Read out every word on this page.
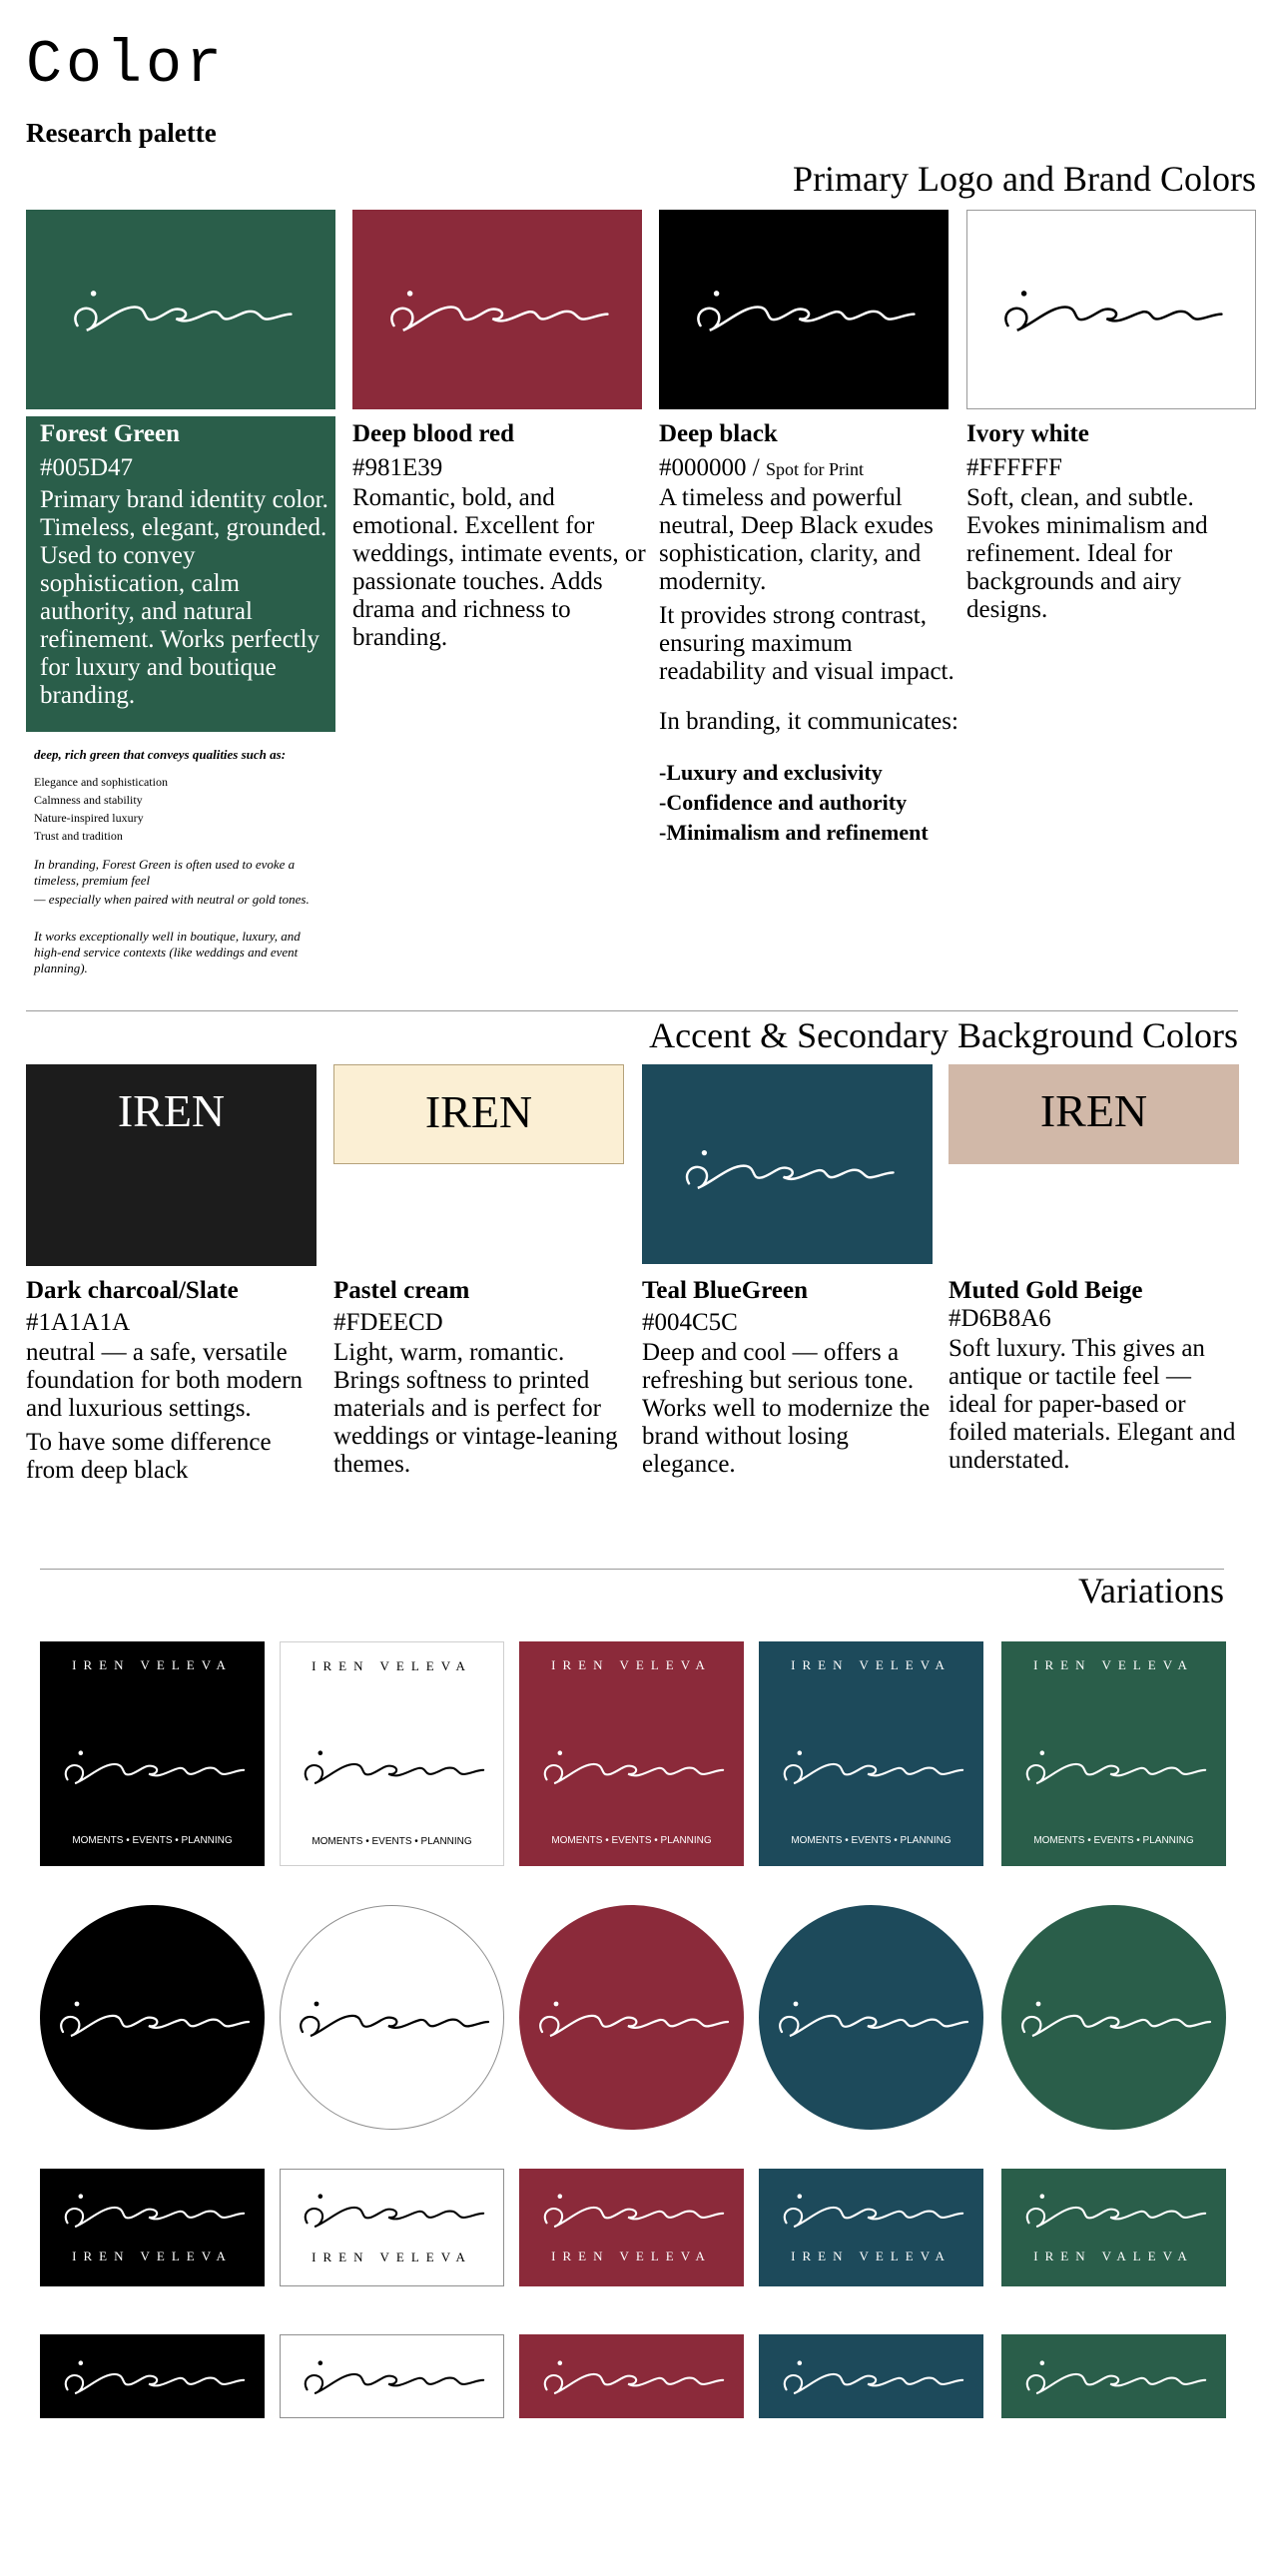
Color
Research palette
Primary Logo and Brand Colors
Forest Green
#005D47
Primary brand identity color. Timeless, elegant, grounded. Used to convey sophistication, calm authority, and natural refinement. Works perfectly for luxury and boutique branding.
deep, rich green that conveys qualities such as:
Elegance and sophistication
Calmness and stability
Nature-inspired luxury
Trust and tradition
In branding, Forest Green is often used to evoke a timeless, premium feel
— especially when paired with neutral or gold tones.
It works exceptionally well in boutique, luxury, and high-end service contexts (like weddings and event planning).
Deep blood red
#981E39
Romantic, bold, and emotional. Excellent for weddings, intimate events, or passionate touches. Adds drama and richness to branding.
Deep black
#000000 / Spot for Print
A timeless and powerful neutral, Deep Black exudes sophistication, clarity, and modernity.
It provides strong contrast, ensuring maximum readability and visual impact.
In branding, it communicates:
-Luxury and exclusivity
-Confidence and authority
-Minimalism and refinement
Ivory white
#FFFFFF
Soft, clean, and subtle. Evokes minimalism and refinement. Ideal for backgrounds and airy designs.
Accent & Secondary Background Colors
IREN	IREN	IREN
Dark charcoal/Slate
#1A1A1A
neutral — a safe, versatile foundation for both modern and luxurious settings.
To have some difference from deep black
Pastel cream
#FDEECD
Light, warm, romantic. Brings softness to printed materials and is perfect for weddings or vintage-leaning themes.
Teal BlueGreen
#004C5C
Deep and cool — offers a refreshing but serious tone. Works well to modernize the brand without losing elegance.
Muted Gold Beige
#D6B8A6
Soft luxury. This gives an antique or tactile feel — ideal for paper-based or foiled materials. Elegant and understated.
Variations
IREN VELEVA
MOMENTS • EVENTS • PLANNING
IREN VELEVA
MOMENTS • EVENTS • PLANNING
IREN VELEVA
MOMENTS • EVENTS • PLANNING
IREN VELEVA
MOMENTS • EVENTS • PLANNING
IREN VELEVA
MOMENTS • EVENTS • PLANNING
IREN VELEVA	IREN VELEVA	IREN VELEVA	IREN VELEVA	IREN VALEVA
